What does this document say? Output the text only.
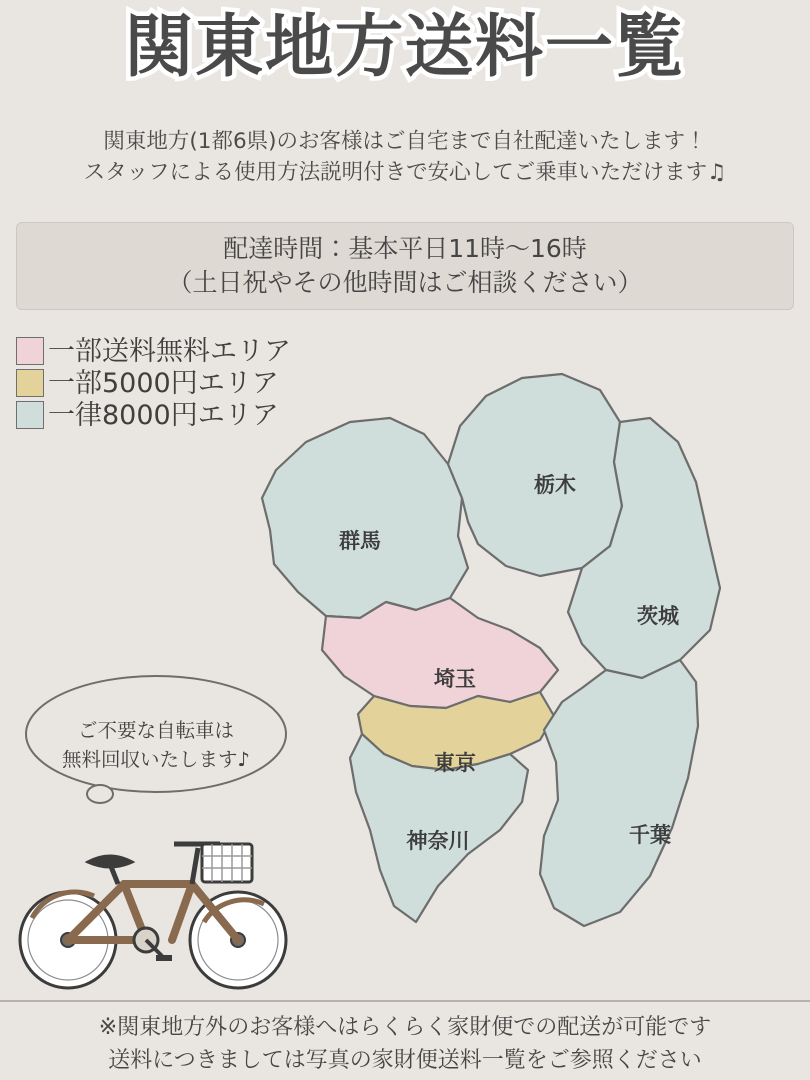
関東地方送料一覧
関東地方(1都6県)のお客様はご自宅まで自社配達いたします！
スタッフによる使用方法説明付きで安心してご乗車いただけます♫
配達時間：基本平日11時〜16時
（土日祝やその他時間はご相談ください）
一部送料無料エリア
一部5000円エリア
一律8000円エリア
群馬
栃木
茨城
埼玉
東京
神奈川	千葉
ご不要な自転車は
無料回収いたします♪
※関東地方外のお客様へはらくらく家財便での配送が可能です
送料につきましては写真の家財便送料一覧をご参照ください
